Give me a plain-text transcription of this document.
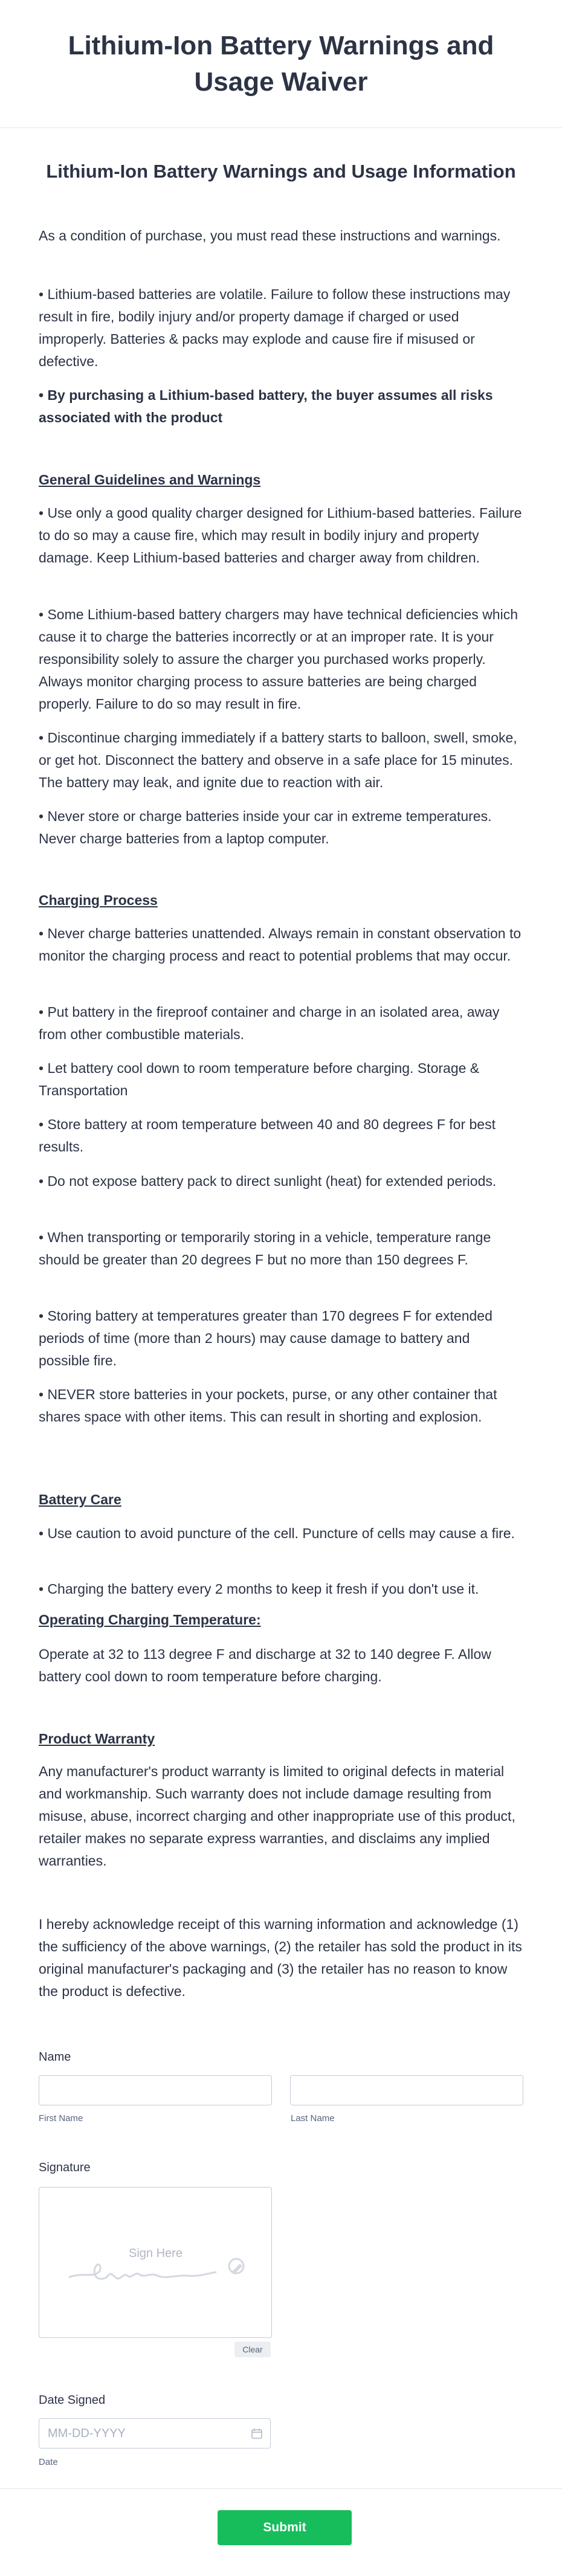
Lithium-Ion Battery Warnings and Usage Waiver
Lithium-Ion Battery Warnings and Usage Information

As a condition of purchase, you must read these instructions and warnings.

• Lithium-based batteries are volatile. Failure to follow these instructions may result in fire, bodily injury and/or property damage if charged or used improperly. Batteries & packs may explode and cause fire if misused or defective.

• By purchasing a Lithium-based battery, the buyer assumes all risks associated with the product

General Guidelines and Warnings

• Use only a good quality charger designed for Lithium-based batteries. Failure to do so may a cause fire, which may result in bodily injury and property damage. Keep Lithium-based batteries and charger away from children.

• Some Lithium-based battery chargers may have technical deficiencies which cause it to charge the batteries incorrectly or at an improper rate. It is your responsibility solely to assure the charger you purchased works properly. Always monitor charging process to assure batteries are being charged properly. Failure to do so may result in fire.

• Discontinue charging immediately if a battery starts to balloon, swell, smoke, or get hot. Disconnect the battery and observe in a safe place for 15 minutes. The battery may leak, and ignite due to reaction with air.

• Never store or charge batteries inside your car in extreme temperatures. Never charge batteries from a laptop computer.

Charging Process

• Never charge batteries unattended. Always remain in constant observation to monitor the charging process and react to potential problems that may occur.

• Put battery in the fireproof container and charge in an isolated area, away from other combustible materials.

• Let battery cool down to room temperature before charging. Storage & Transportation

• Store battery at room temperature between 40 and 80 degrees F for best results.

• Do not expose battery pack to direct sunlight (heat) for extended periods.

• When transporting or temporarily storing in a vehicle, temperature range should be greater than 20 degrees F but no more than 150 degrees F.

• Storing battery at temperatures greater than 170 degrees F for extended periods of time (more than 2 hours) may cause damage to battery and possible fire.

• NEVER store batteries in your pockets, purse, or any other container that shares space with other items. This can result in shorting and explosion.

Battery Care

• Use caution to avoid puncture of the cell. Puncture of cells may cause a fire.

• Charging the battery every 2 months to keep it fresh if you don't use it.

Operating Charging Temperature:

Operate at 32 to 113 degree F and discharge at 32 to 140 degree F. Allow battery cool down to room temperature before charging.

Product Warranty

Any manufacturer's product warranty is limited to original defects in material and workmanship. Such warranty does not include damage resulting from misuse, abuse, incorrect charging and other inappropriate use of this product, retailer makes no separate express warranties, and disclaims any implied warranties.

I hereby acknowledge receipt of this warning information and acknowledge (1) the sufficiency of the above warnings, (2) the retailer has sold the product in its original manufacturer's packaging and (3) the retailer has no reason to know the product is defective.

Name
First Name	Last Name
Signature
Sign Here
Clear
Date Signed
MM-DD-YYYY
Date
Submit
